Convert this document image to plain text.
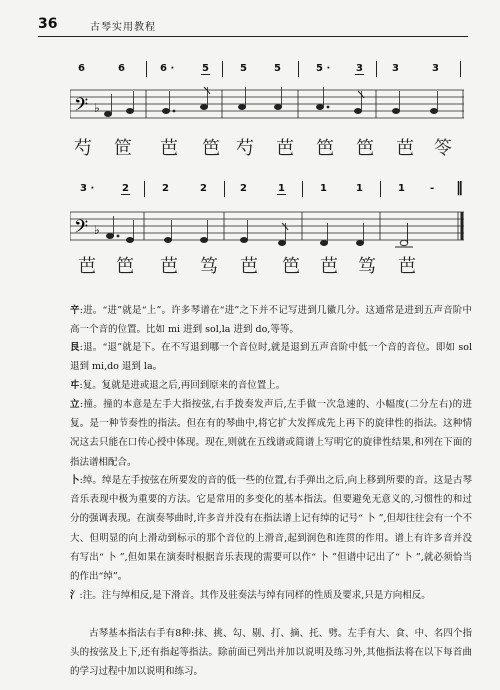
36	古琴实用教程
6	6	6 ·	5	5	5	5 ·	3	3	3
𝄢 ♭
芍 笸 芭 笆 芍 芭 笆 笆 芭 笭
3 ·	2	2	2	2	1	1	1	1	- ‖
𝄢 ♭
芭 笆 芭 笃 芭 笆 芭 笃 芭
䇂:进。“进”就是“上”。许多琴谱在“进”之下并不记写进到几徽几分。这通常是进到五声音阶中高一个音的位置。比如 mi 进到 sol,la 进到 do,等等。
艮:退。“退”就是下。在不写退到哪一个音位时,就是退到五声音阶中低一个音的音位。即如 sol 退到 mi,do 退到 la。
㐄:复。复就是进或退之后,再回到原来的音位置上。
立:撞。撞的本意是左手大指按弦,右手拨奏发声后,左手做一次急速的、小幅度(二分左右)的进复。是一种节奏性的指法。但在有的琴曲中,将它扩大发挥成先上再下的旋律性的指法。这种情况这去只能在口传心授中体现。现在,则就在五线谱或简谱上写明它的旋律性结果,和列在下面的指法谱相配合。
卜:绰。绰是左手按弦在所要发的音的低一些的位置,右手弹出之后,向上移到所要的音。这是古琴音乐表现中极为重要的方法。它是常用的多变化的基本指法。但要避免无意义的,习惯性的和过分的强调表现。在演奏琴曲时,许多音并没有在指法谱上记有绰的记号“ 卜 ”,但却往往会有一个不大、但明显的向上滑动到标示的那个音位的上滑音,起到润色和连贯的作用。谱上有许多音并没有写出“ 卜 ”,但如果在演奏时根据音乐表现的需要可以作“ 卜 ”但谱中记出了“ 卜 ”,就必须恰当的作出“绰”。
氵:注。注与绰相反,是下滑音。其作及驻奏法与绰有同样的性质及要求,只是方向相反。
古琴基本指法右手有8种:抹、挑、勾、剔、打、摘、托、劈。左手有大、食、中、名四个指头的按弦及上下,还有指起等指法。除前面已列出并加以说明及练习外,其他指法将在以下每首曲的学习过程中加以说明和练习。
